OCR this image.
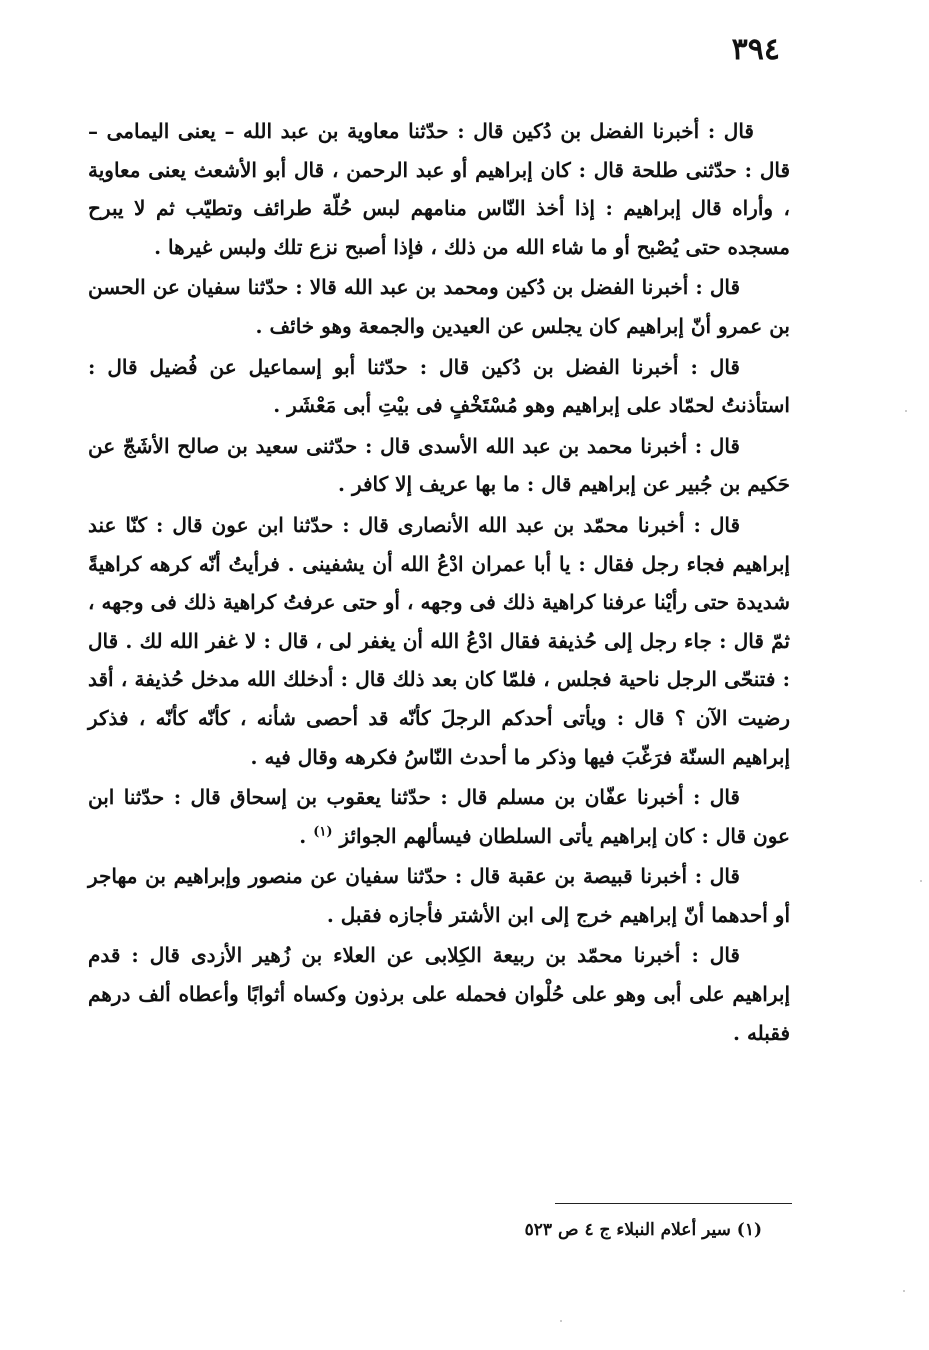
٣٩٤

قال : أخبرنا الفضل بن دُكين قال : حدّثنا معاوية بن عبد الله – يعنى اليمامى – قال : حدّثنى طلحة قال : كان إبراهيم أو عبد الرحمن ، قال أبو الأشعث يعنى معاوية ، وأراه قال إبراهيم : إذا أخذ النّاس منامهم لبس حُلّة طرائف وتطيّب ثم لا يبرح مسجده حتى يُصْبح أو ما شاء الله من ذلك ، فإذا أصبح نزع تلك ولبس غيرها .

قال : أخبرنا الفضل بن دُكين ومحمد بن عبد الله قالا : حدّثنا سفيان عن الحسن بن عمرو أنّ إبراهيم كان يجلس عن العيدين والجمعة وهو خائف .

قال : أخبرنا الفضل بن دُكين قال : حدّثنا أبو إسماعيل عن فُضيل قال : استأذنتُ لحمّاد على إبراهيم وهو مُسْتَخْفٍ فى بيْتِ أبى مَعْشَر .

قال : أخبرنا محمد بن عبد الله الأسدى قال : حدّثنى سعيد بن صالح الأشَجّ عن حَكيم بن جُبير عن إبراهيم قال : ما بها عريف إلا كافر .

قال : أخبرنا محمّد بن عبد الله الأنصارى قال : حدّثنا ابن عون قال : كنّا عند إبراهيم فجاء رجل فقال : يا أبا عمران ادْعُ الله أن يشفينى . فرأيتُ أنّه كرهه كراهيةً شديدة حتى رأيْنا عرفنا كراهية ذلك فى وجهه ، أو حتى عرفتُ كراهية ذلك فى وجهه ، ثمّ قال : جاء رجل إلى حُذيفة فقال ادْعُ الله أن يغفر لى ، قال : لا غفر الله لك . قال : فتنحّى الرجل ناحية فجلس ، فلمّا كان بعد ذلك قال : أدخلك الله مدخل حُذيفة ، أقد رضيت الآن ؟ قال : ويأتى أحدكم الرجلَ كأنّه قد أحصى شأنه ، كأنّه كأنّه ، فذكر إبراهيم السنّة فرَغّبَ فيها وذكر ما أحدث النّاسُ فكرهه وقال فيه .

قال : أخبرنا عفّان بن مسلم قال : حدّثنا يعقوب بن إسحاق قال : حدّثنا ابن عون قال : كان إبراهيم يأتى السلطان فيسألهم الجوائز $^{(١)}$ .

قال : أخبرنا قبيصة بن عقبة قال : حدّثنا سفيان عن منصور وإبراهيم بن مهاجر أو أحدهما أنّ إبراهيم خرج إلى ابن الأشتر فأجازه فقبل .

قال : أخبرنا محمّد بن ربيعة الكِلابى عن العلاء بن زُهير الأزدى قال : قدم إبراهيم على أبى وهو على حُلْوان فحمله على برذون وكساه أثوابًا وأعطاه ألف درهم فقبله .

(١) سير أعلام النبلاء ج ٤ ص ٥٢٣
